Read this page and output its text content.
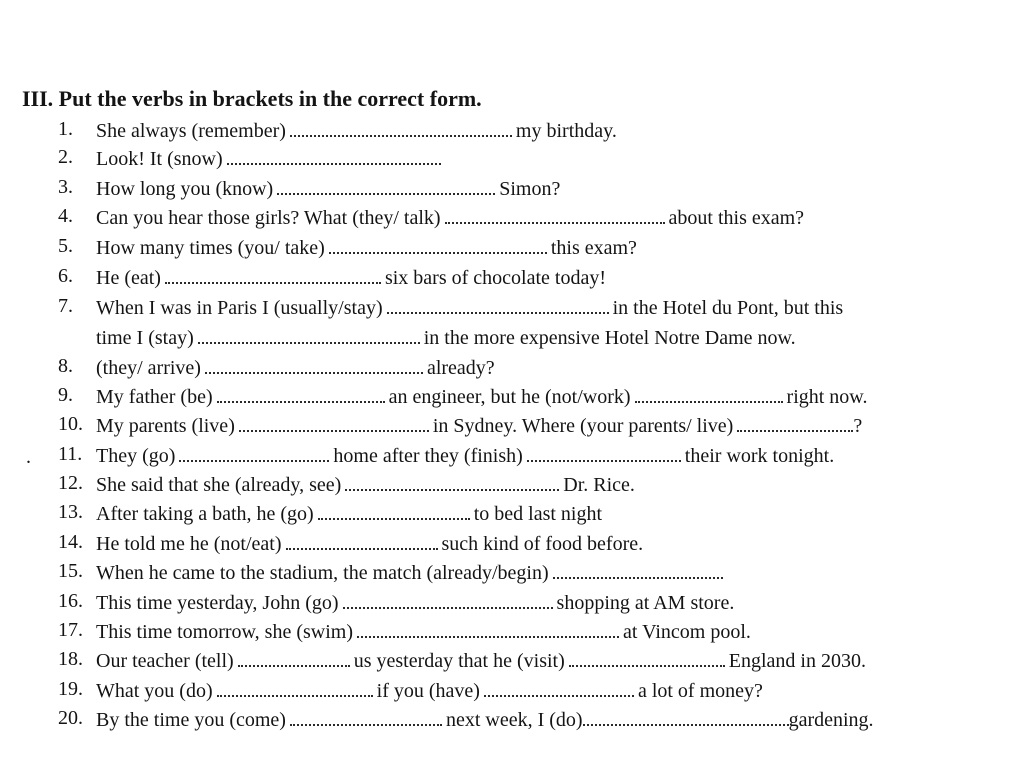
III. Put the verbs in brackets in the correct form.
.
1. She always (remember)	my birthday.
2. Look! It (snow)
3. How long you (know)	Simon?
4. Can you hear those girls? What (they/ talk)	about this exam?
5. How many times (you/ take)	this exam?
6. He (eat)	six bars of chocolate today!
7. When I was in Paris I (usually/stay)	in the Hotel du Pont, but this
time I (stay)	in the more expensive Hotel Notre Dame now.
8. (they/ arrive)	already?
9. My father (be)	an engineer, but he (not/work)	right now.
10. My parents (live)	in Sydney. Where (your parents/ live)	?
11. They (go)	home after they (finish)	their work tonight.
12. She said that she (already, see)	Dr. Rice.
13. After taking a bath, he (go)	to bed last night
14. He told me he (not/eat)	such kind of food before.
15. When he came to the stadium, the match (already/begin)
16. This time yesterday, John (go)	shopping at AM store.
17. This time tomorrow, she (swim)	at Vincom pool.
18. Our teacher (tell)	us yesterday that he (visit)	England in 2030.
19. What you (do)	if you (have)	a lot of money?
20. By the time you (come)	next week, I (do)	gardening.
